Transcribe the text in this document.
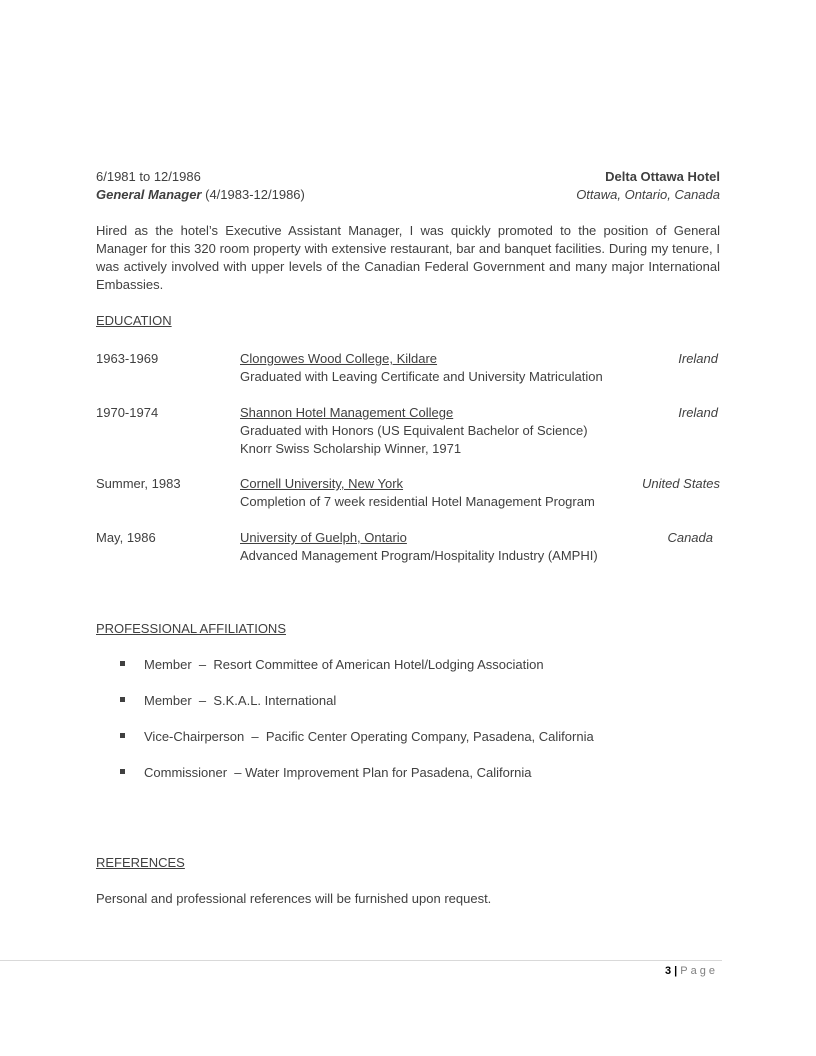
6/1981 to 12/1986	Delta Ottawa Hotel
General Manager (4/1983-12/1986)	Ottawa, Ontario, Canada
Hired as the hotel’s Executive Assistant Manager, I was quickly promoted to the position of General Manager for this 320 room property with extensive restaurant, bar and banquet facilities. During my tenure, I was actively involved with upper levels of the Canadian Federal Government and many major International Embassies.
EDUCATION
1963-1969	Clongowes Wood College, Kildare
Graduated with Leaving Certificate and University Matriculation
Ireland
1970-1974	Shannon Hotel Management College
Graduated with Honors (US Equivalent Bachelor of Science)
Knorr Swiss Scholarship Winner, 1971
Ireland
Summer, 1983	Cornell University, New York
Completion of 7 week residential Hotel Management Program
United States
May, 1986	University of Guelph, Ontario
Advanced Management Program/Hospitality Industry (AMPHI)
Canada
PROFESSIONAL AFFILIATIONS
Member  –  Resort Committee of American Hotel/Lodging Association
Member  –  S.K.A.L. International
Vice-Chairperson  –  Pacific Center Operating Company, Pasadena, California
Commissioner  – Water Improvement Plan for Pasadena, California
REFERENCES
Personal and professional references will be furnished upon request.
3 | Page
